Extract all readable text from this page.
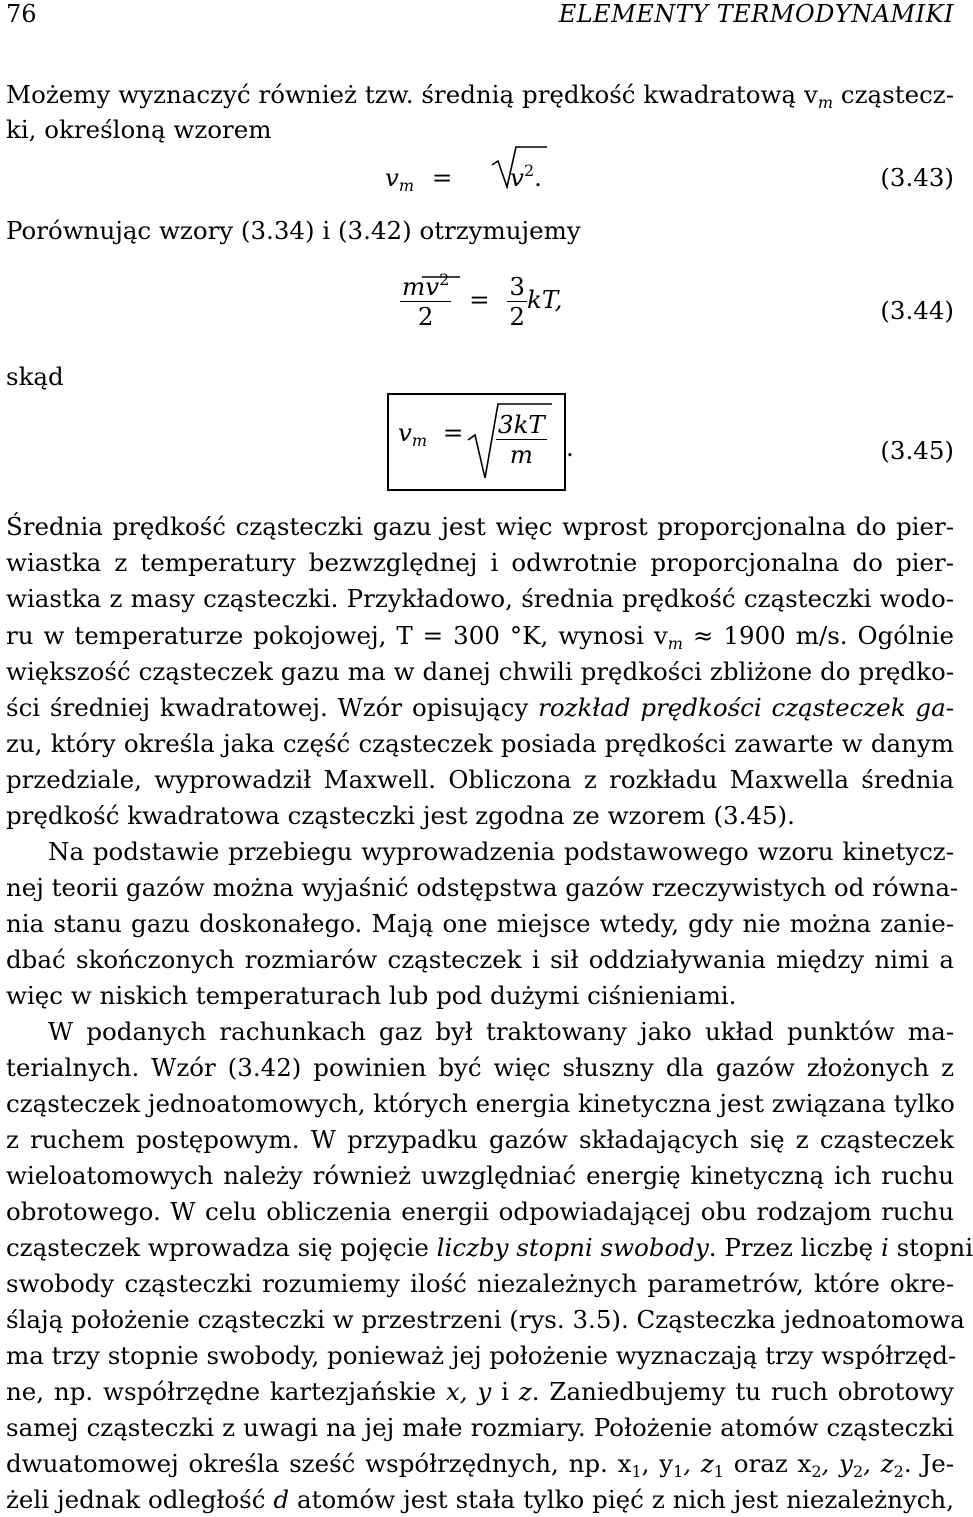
76	ELEMENTY TERMODYNAMIKI
Możemy wyznaczyć również tzw. średnią prędkość kwadratową $v_m$ cząstecz-
ki, określoną wzorem
$v_m = v^2$.	(3.43)
Porównując wzory (3.34) i (3.42) otrzymujemy
$\frac{mv^2}{2} = \frac{3}{2}$ kT,	(3.44)
skąd
$v_m$ =	$\frac{3kT}{m}$ .	(3.45)
Średnia prędkość cząsteczki gazu jest więc wprost proporcjonalna do pier-
wiastka z temperatury bezwzględnej i odwrotnie proporcjonalna do pier-
wiastka z masy cząsteczki. Przykładowo, średnia prędkość cząsteczki wodo-
ru w temperaturze pokojowej, T = 300 °K, wynosi $v_m \approx 1900$ m/s. Ogólnie
większość cząsteczek gazu ma w danej chwili prędkości zbliżone do prędko-
ści średniej kwadratowej. Wzór opisujący rozkład prędkości cząsteczek ga-
zu, który określa jaka część cząsteczek posiada prędkości zawarte w danym
przedziale, wyprowadził Maxwell. Obliczona z rozkładu Maxwella średnia
prędkość kwadratowa cząsteczki jest zgodna ze wzorem (3.45).
Na podstawie przebiegu wyprowadzenia podstawowego wzoru kinetycz-
nej teorii gazów można wyjaśnić odstępstwa gazów rzeczywistych od równa-
nia stanu gazu doskonałego. Mają one miejsce wtedy, gdy nie można zanie-
dbać skończonych rozmiarów cząsteczek i sił oddziaływania między nimi a
więc w niskich temperaturach lub pod dużymi ciśnieniami.
W podanych rachunkach gaz był traktowany jako układ punktów ma-
terialnych. Wzór (3.42) powinien być więc słuszny dla gazów złożonych z
cząsteczek jednoatomowych, których energia kinetyczna jest związana tylko
z ruchem postępowym. W przypadku gazów składających się z cząsteczek
wieloatomowych należy również uwzględniać energię kinetyczną ich ruchu
obrotowego. W celu obliczenia energii odpowiadającej obu rodzajom ruchu
cząsteczek wprowadza się pojęcie liczby stopni swobody. Przez liczbę i stopni
swobody cząsteczki rozumiemy ilość niezależnych parametrów, które okre-
ślają położenie cząsteczki w przestrzeni (rys. 3.5). Cząsteczka jednoatomowa
ma trzy stopnie swobody, ponieważ jej położenie wyznaczają trzy współrzęd-
ne, np. współrzędne kartezjańskie x, y i z. Zaniedbujemy tu ruch obrotowy
samej cząsteczki z uwagi na jej małe rozmiary. Położenie atomów cząsteczki
dwuatomowej określa sześć współrzędnych, np. $x_1$, $y_1$, $z_1$ oraz $x_2$, $y_2$, $z_2$. Je-
żeli jednak odległość d atomów jest stała tylko pięć z nich jest niezależnych,
